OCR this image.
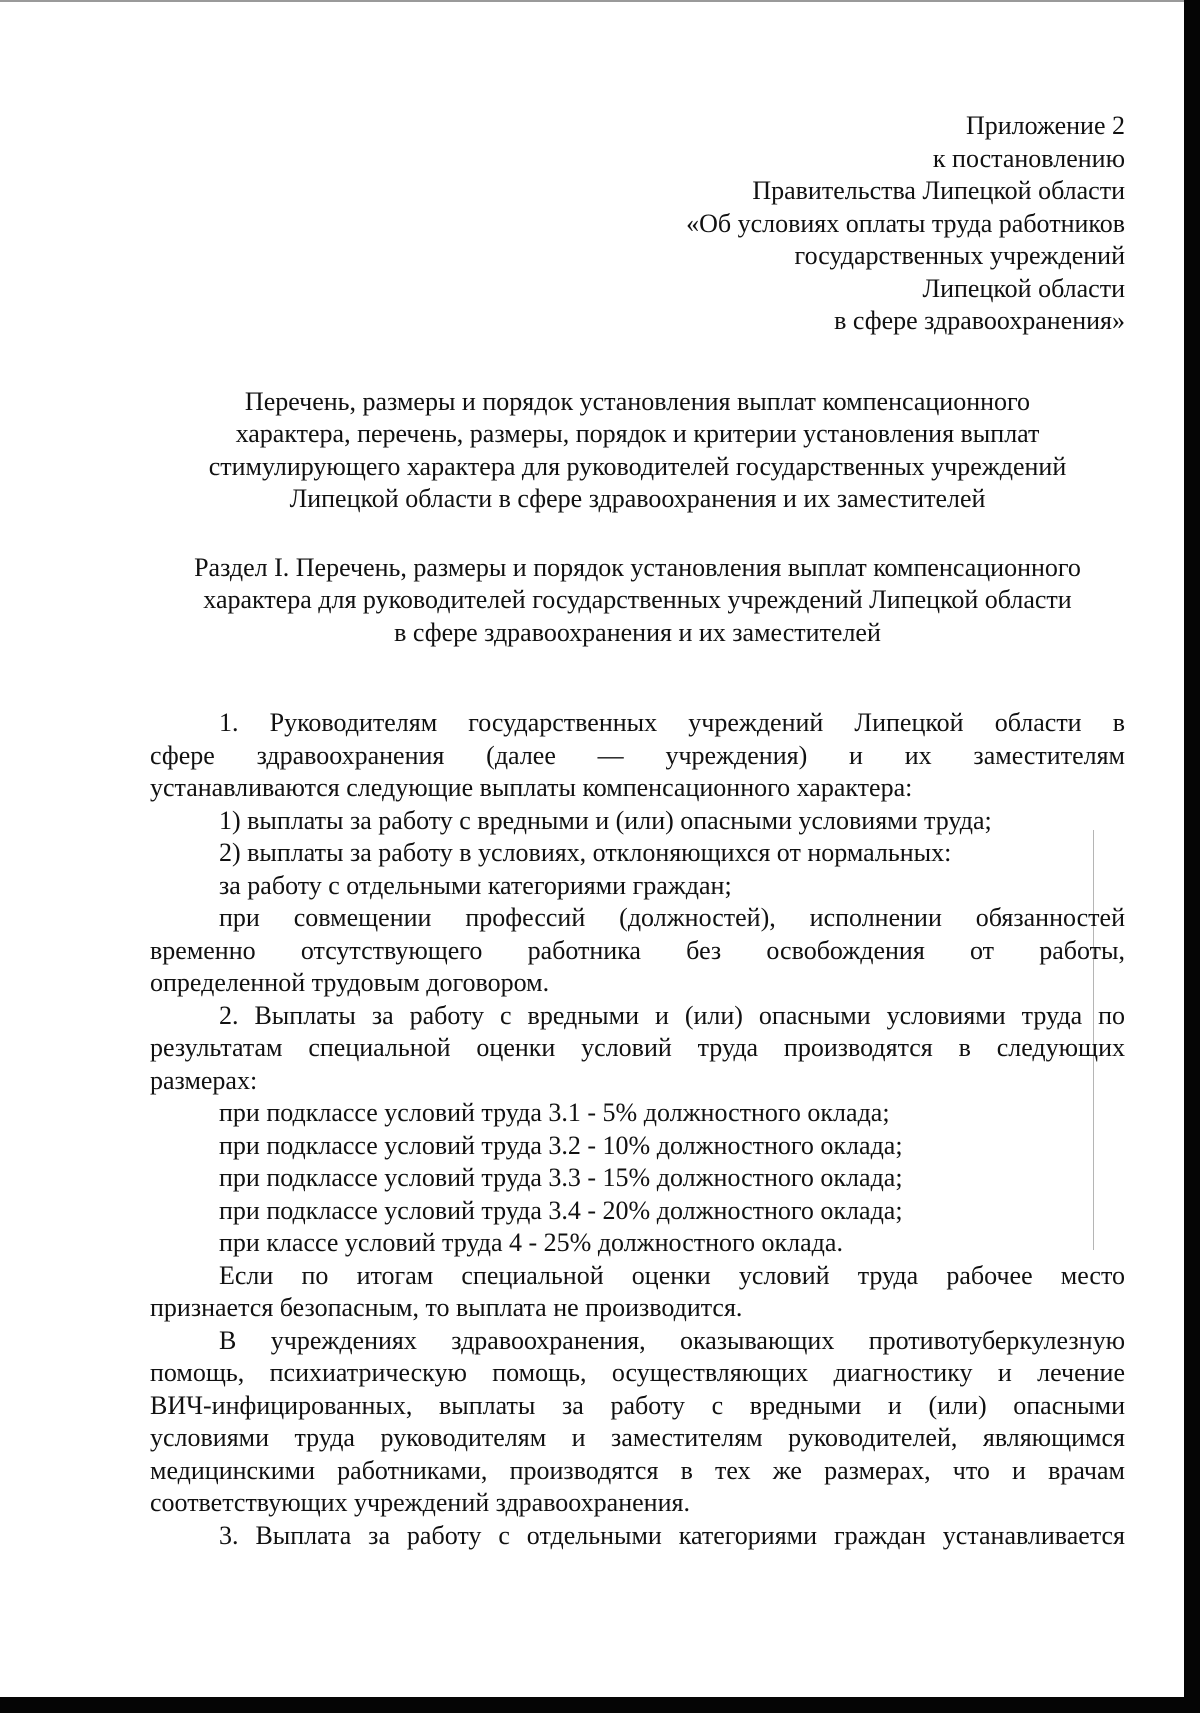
Приложение 2
к постановлению
Правительства Липецкой области
«Об условиях оплаты труда работников
государственных учреждений
Липецкой области
в сфере здравоохранения»
Перечень, размеры и порядок установления выплат компенсационного
характера, перечень, размеры, порядок и критерии установления выплат
стимулирующего характера для руководителей государственных учреждений
Липецкой области в сфере здравоохранения и их заместителей
Раздел I. Перечень, размеры и порядок установления выплат компенсационного
характера для руководителей государственных учреждений Липецкой области
в сфере здравоохранения и их заместителей
1. Руководителям государственных учреждений Липецкой области в
сфере здравоохранения (далее — учреждения) и их заместителям
устанавливаются следующие выплаты компенсационного характера:
1) выплаты за работу с вредными и (или) опасными условиями труда;
2) выплаты за работу в условиях, отклоняющихся от нормальных:
за работу с отдельными категориями граждан;
при совмещении профессий (должностей), исполнении обязанностей
временно отсутствующего работника без освобождения от работы,
определенной трудовым договором.
2. Выплаты за работу с вредными и (или) опасными условиями труда по
результатам специальной оценки условий труда производятся в следующих
размерах:
при подклассе условий труда 3.1 - 5% должностного оклада;
при подклассе условий труда 3.2 - 10% должностного оклада;
при подклассе условий труда 3.3 - 15% должностного оклада;
при подклассе условий труда 3.4 - 20% должностного оклада;
при классе условий труда 4 - 25% должностного оклада.
Если по итогам специальной оценки условий труда рабочее место
признается безопасным, то выплата не производится.
В учреждениях здравоохранения, оказывающих противотуберкулезную
помощь, психиатрическую помощь, осуществляющих диагностику и лечение
ВИЧ-инфицированных, выплаты за работу с вредными и (или) опасными
условиями труда руководителям и заместителям руководителей, являющимся
медицинскими работниками, производятся в тех же размерах, что и врачам
соответствующих учреждений здравоохранения.
3. Выплата за работу с отдельными категориями граждан устанавливается
